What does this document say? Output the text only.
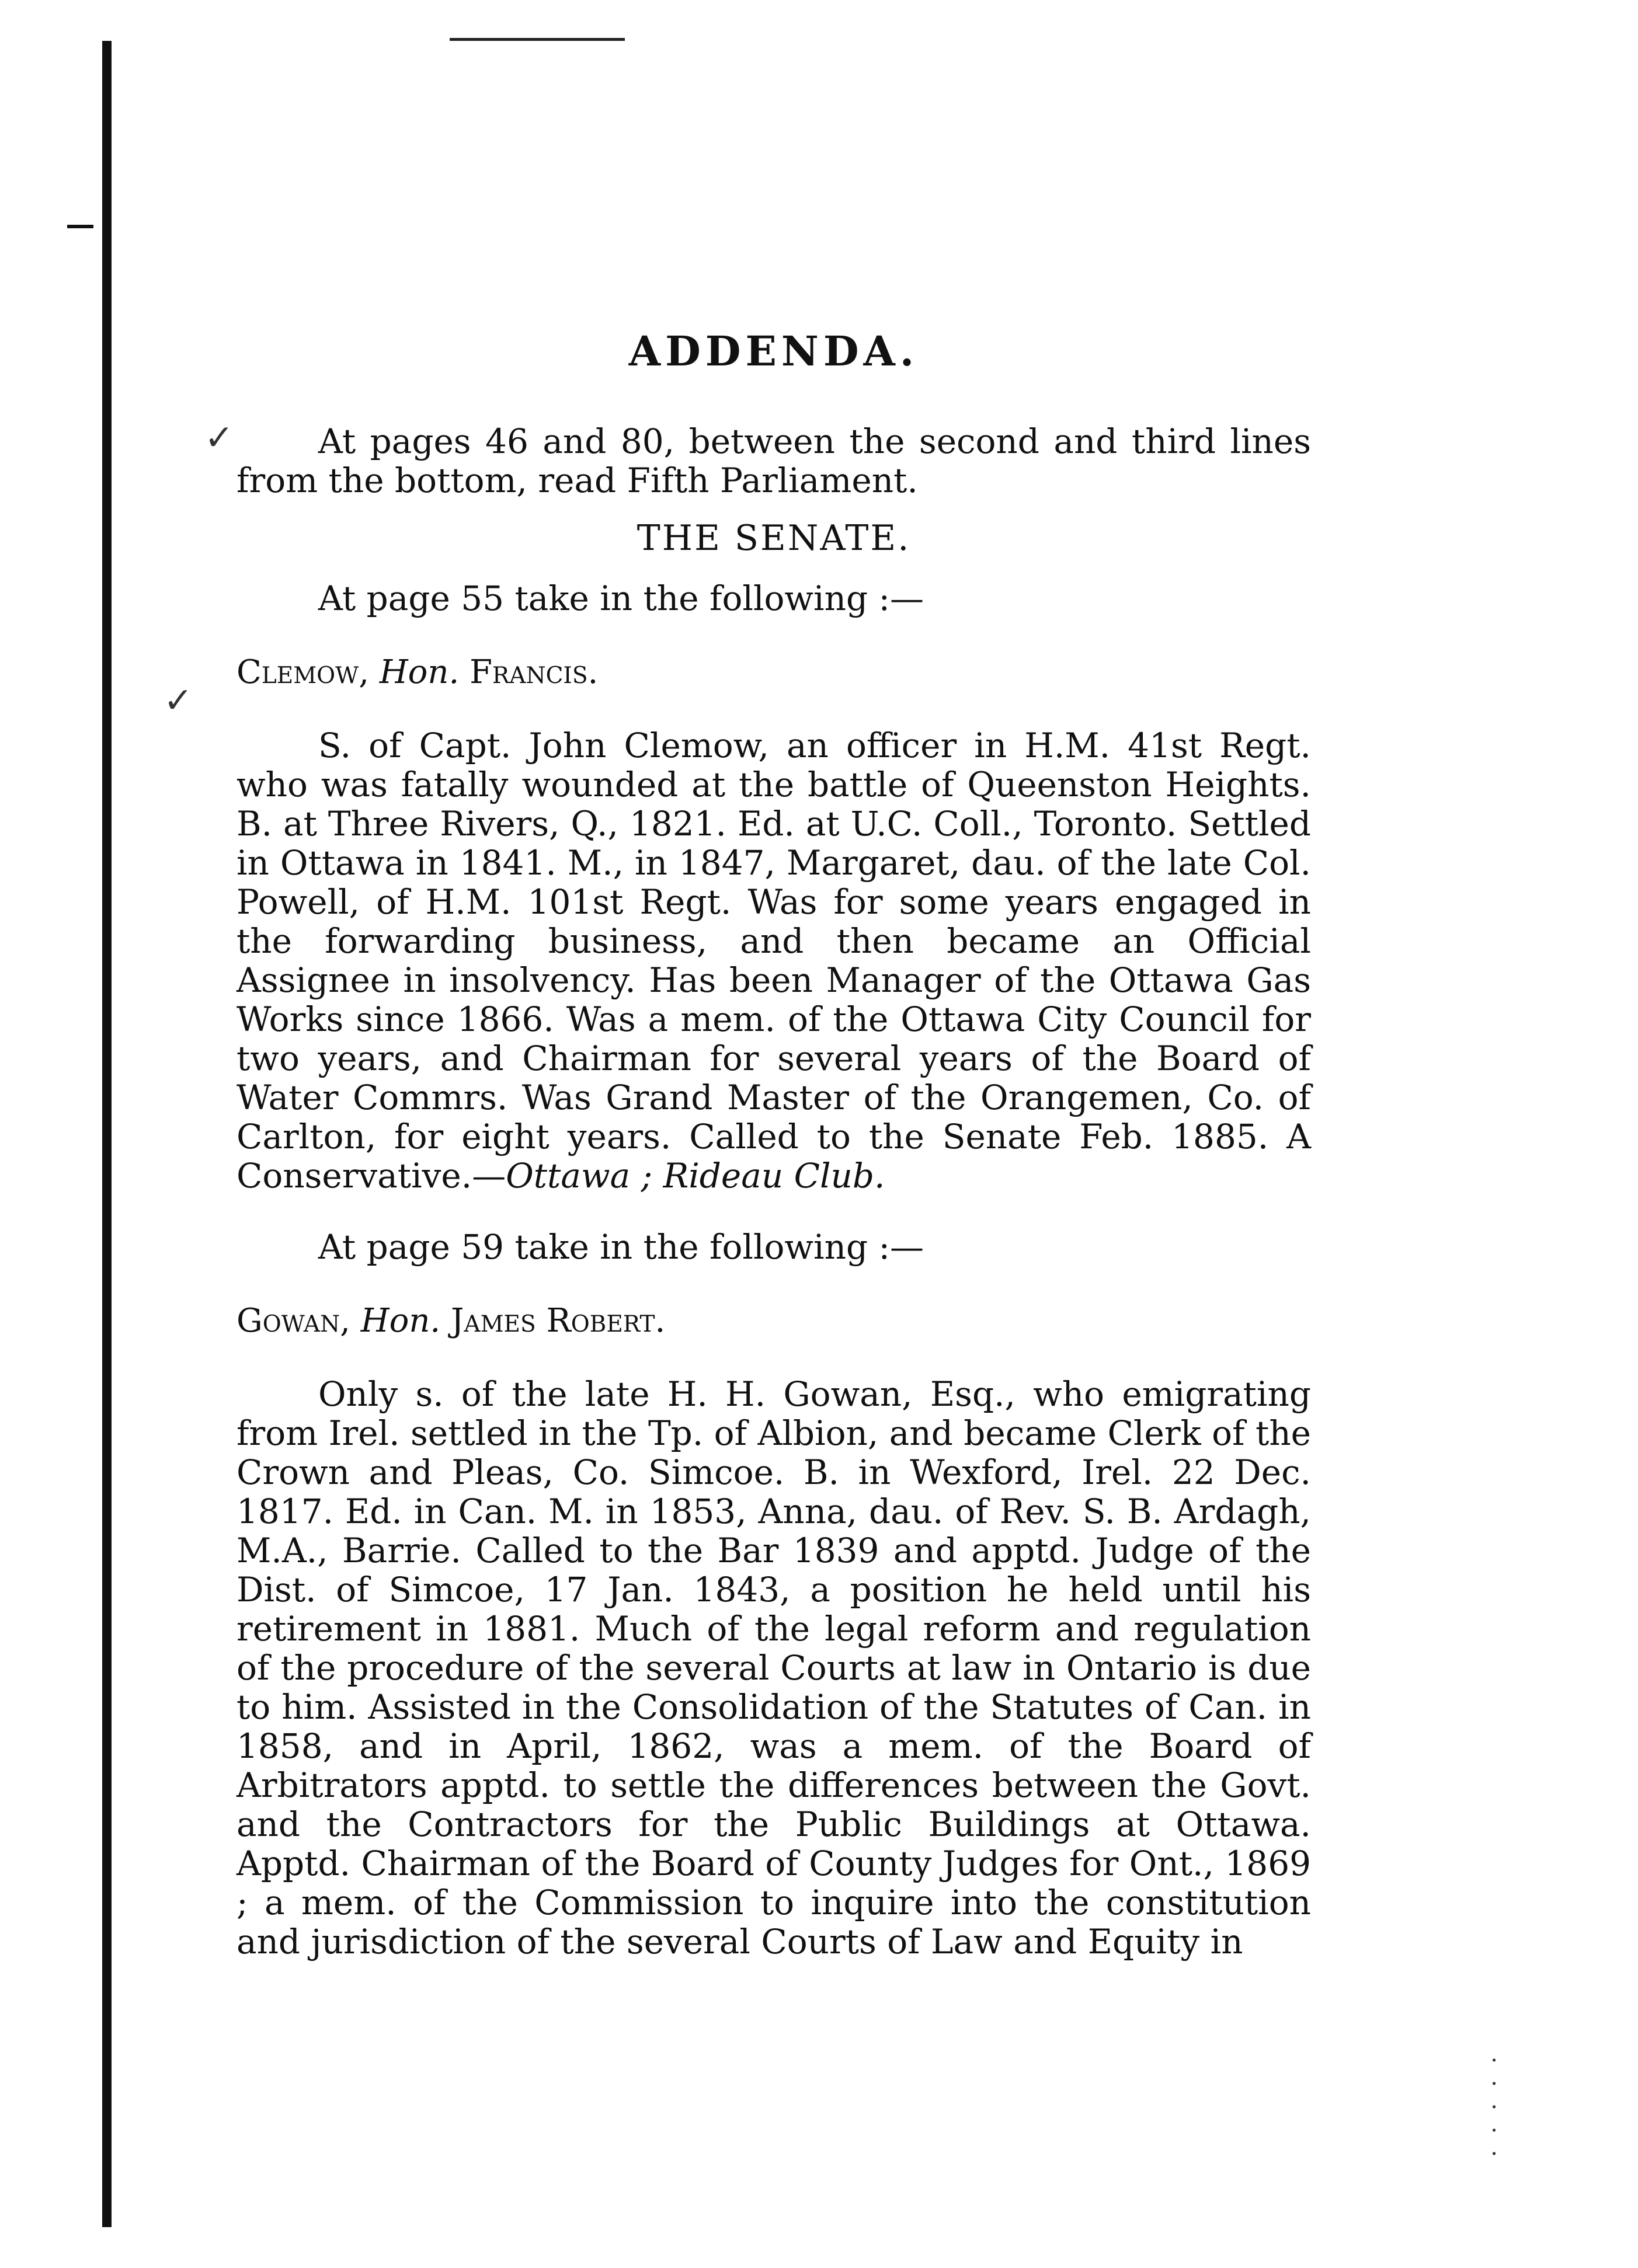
✓
✓
ADDENDA.

At pages 46 and 80, between the second and third lines from the bottom, read Fifth Parliament.

THE SENATE.

At page 55 take in the following :—

Clemow, Hon. Francis.

S. of Capt. John Clemow, an officer in H.M. 41st Regt. who was fatally wounded at the battle of Queenston Heights. B. at Three Rivers, Q., 1821. Ed. at U.C. Coll., Toronto. Settled in Ottawa in 1841. M., in 1847, Margaret, dau. of the late Col. Powell, of H.M. 101st Regt. Was for some years engaged in the forwarding business, and then became an Official Assignee in insolvency. Has been Manager of the Ottawa Gas Works since 1866. Was a mem. of the Ottawa City Council for two years, and Chairman for several years of the Board of Water Commrs. Was Grand Master of the Orangemen, Co. of Carlton, for eight years. Called to the Senate Feb. 1885. A Conservative.—Ottawa ; Rideau Club.

At page 59 take in the following :—

Gowan, Hon. James Robert.

Only s. of the late H. H. Gowan, Esq., who emigrating from Irel. settled in the Tp. of Albion, and became Clerk of the Crown and Pleas, Co. Simcoe. B. in Wexford, Irel. 22 Dec. 1817. Ed. in Can. M. in 1853, Anna, dau. of Rev. S. B. Ardagh, M.A., Barrie. Called to the Bar 1839 and apptd. Judge of the Dist. of Simcoe, 17 Jan. 1843, a position he held until his retirement in 1881. Much of the legal reform and regulation of the procedure of the several Courts at law in Ontario is due to him. Assisted in the Consolidation of the Statutes of Can. in 1858, and in April, 1862, was a mem. of the Board of Arbitrators apptd. to settle the differences between the Govt. and the Contractors for the Public Buildings at Ottawa. Apptd. Chairman of the Board of County Judges for Ont., 1869 ; a mem. of the Commission to inquire into the constitution and jurisdiction of the several Courts of Law and Equity in

·
·
·
·
·
